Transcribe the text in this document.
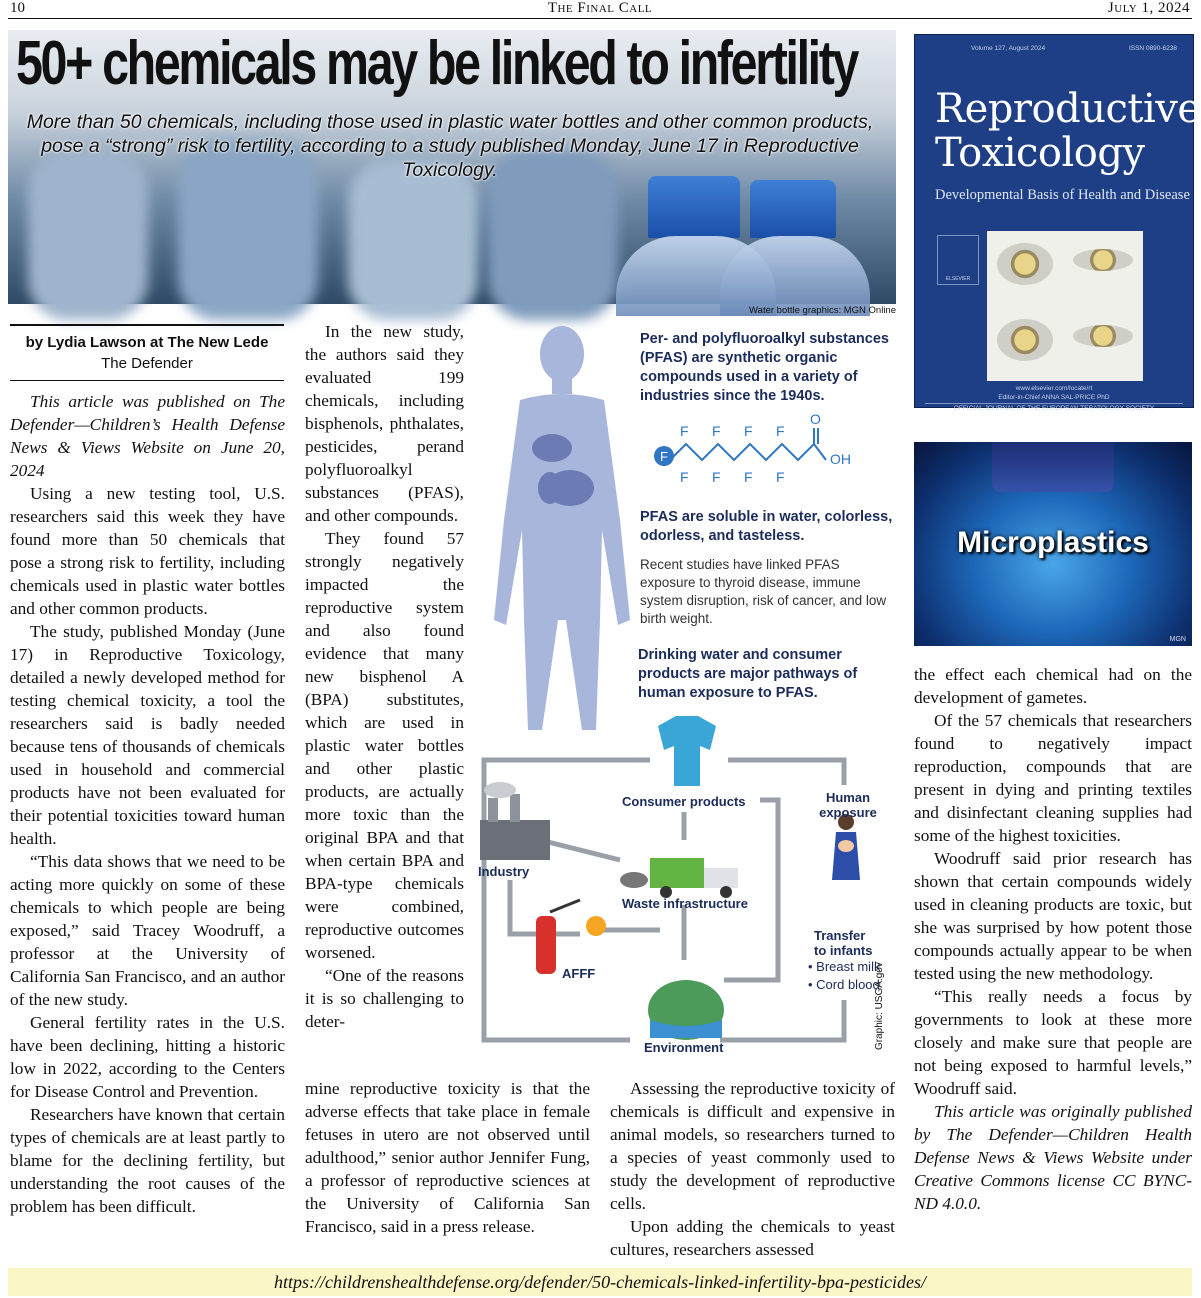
10	The Final Call	July 1, 2024
50+ chemicals may be linked to infertility
More than 50 chemicals, including those used in plastic water bottles and other common products, pose a “strong” risk to fertility, according to a study published Monday, June 17 in Reproductive Toxicology.
Water bottle graphics: MGN Online
Volume 127, August 2024	ISSN 0890-6238
Reproductive Toxicology
Developmental Basis of Health and Disease
ELSEVIER
www.elsevier.com/locate/rt
Editor-in-Chief ANNA SAL-PRICE PhD
OFFICIAL JOURNAL OF THE EUROPEAN TERATOLOGY SOCIETY
Microplastics
MGN
by Lydia Lawson at The New Lede
The Defender

This article was published on The Defender—Children’s Health Defense News & Views Website on June 20, 2024

Using a new testing tool, U.S. researchers said this week they have found more than 50 chemicals that pose a strong risk to fertility, including chemicals used in plastic water bottles and other common products.

The study, published Monday (June 17) in Reproductive Toxicology, detailed a newly developed method for testing chemical toxicity, a tool the researchers said is badly needed because tens of thousands of chemicals used in household and commercial products have not been evaluated for their potential toxicities toward human health.

“This data shows that we need to be acting more quickly on some of these chemicals to which people are being exposed,” said Tracey Woodruff, a professor at the University of California San Francisco, and an author of the new study.

General fertility rates in the U.S. have been declining, hitting a historic low in 2022, according to the Centers for Disease Control and Prevention.

Researchers have known that certain types of chemicals are at least partly to blame for the declining fertility, but understanding the root causes of the problem has been difficult.

In the new study, the authors said they evaluated 199 chemicals, including bisphenols, phthalates, pesticides, perand polyfluoroalkyl substances (PFAS), and other compounds.

They found 57 strongly negatively impacted the reproductive system and also found evidence that many new bisphenol A (BPA) substitutes, which are used in plastic water bottles and other plastic products, are actually more toxic than the original BPA and that when certain BPA and BPA-type chemicals were combined, reproductive outcomes worsened.

“One of the reasons it is so challenging to deter-

mine reproductive toxicity is that the adverse effects that take place in female fetuses in utero are not observed until adulthood,” senior author Jennifer Fung, a professor of reproductive sciences at the University of California San Francisco, said in a press release.

F
F F F F
F F F F
O
OH
Per- and polyfluoroalkyl substances (PFAS) are synthetic organic compounds used in a variety of industries since the 1940s.
PFAS are soluble in water, colorless, odorless, and tasteless.
Recent studies have linked PFAS exposure to thyroid disease, immune system disruption, risk of cancer, and low birth weight.
Drinking water and consumer products are major pathways of human exposure to PFAS.
Consumer products	Human exposure
Industry
Waste infrastructure
AFFF
Transfer to infants
• Breast milk
• Cord blood
Environment	Graphic: USGA.gov

Assessing the reproductive toxicity of chemicals is difficult and expensive in animal models, so researchers turned to a species of yeast commonly used to study the development of reproductive cells.

Upon adding the chemicals to yeast cultures, researchers assessed

the effect each chemical had on the development of gametes.

Of the 57 chemicals that researchers found to negatively impact reproduction, compounds that are present in dying and printing textiles and disinfectant cleaning supplies had some of the highest toxicities.

Woodruff said prior research has shown that certain compounds widely used in cleaning products are toxic, but she was surprised by how potent those compounds actually appear to be when tested using the new methodology.

“This really needs a focus by governments to look at these more closely and make sure that people are not being exposed to harmful levels,” Woodruff said.

This article was originally published by The Defender—Children Health Defense News & Views Website under Creative Commons license CC BYNC-ND 4.0.0.

https://childrenshealthdefense.org/defender/50-chemicals-linked-infertility-bpa-pesticides/
